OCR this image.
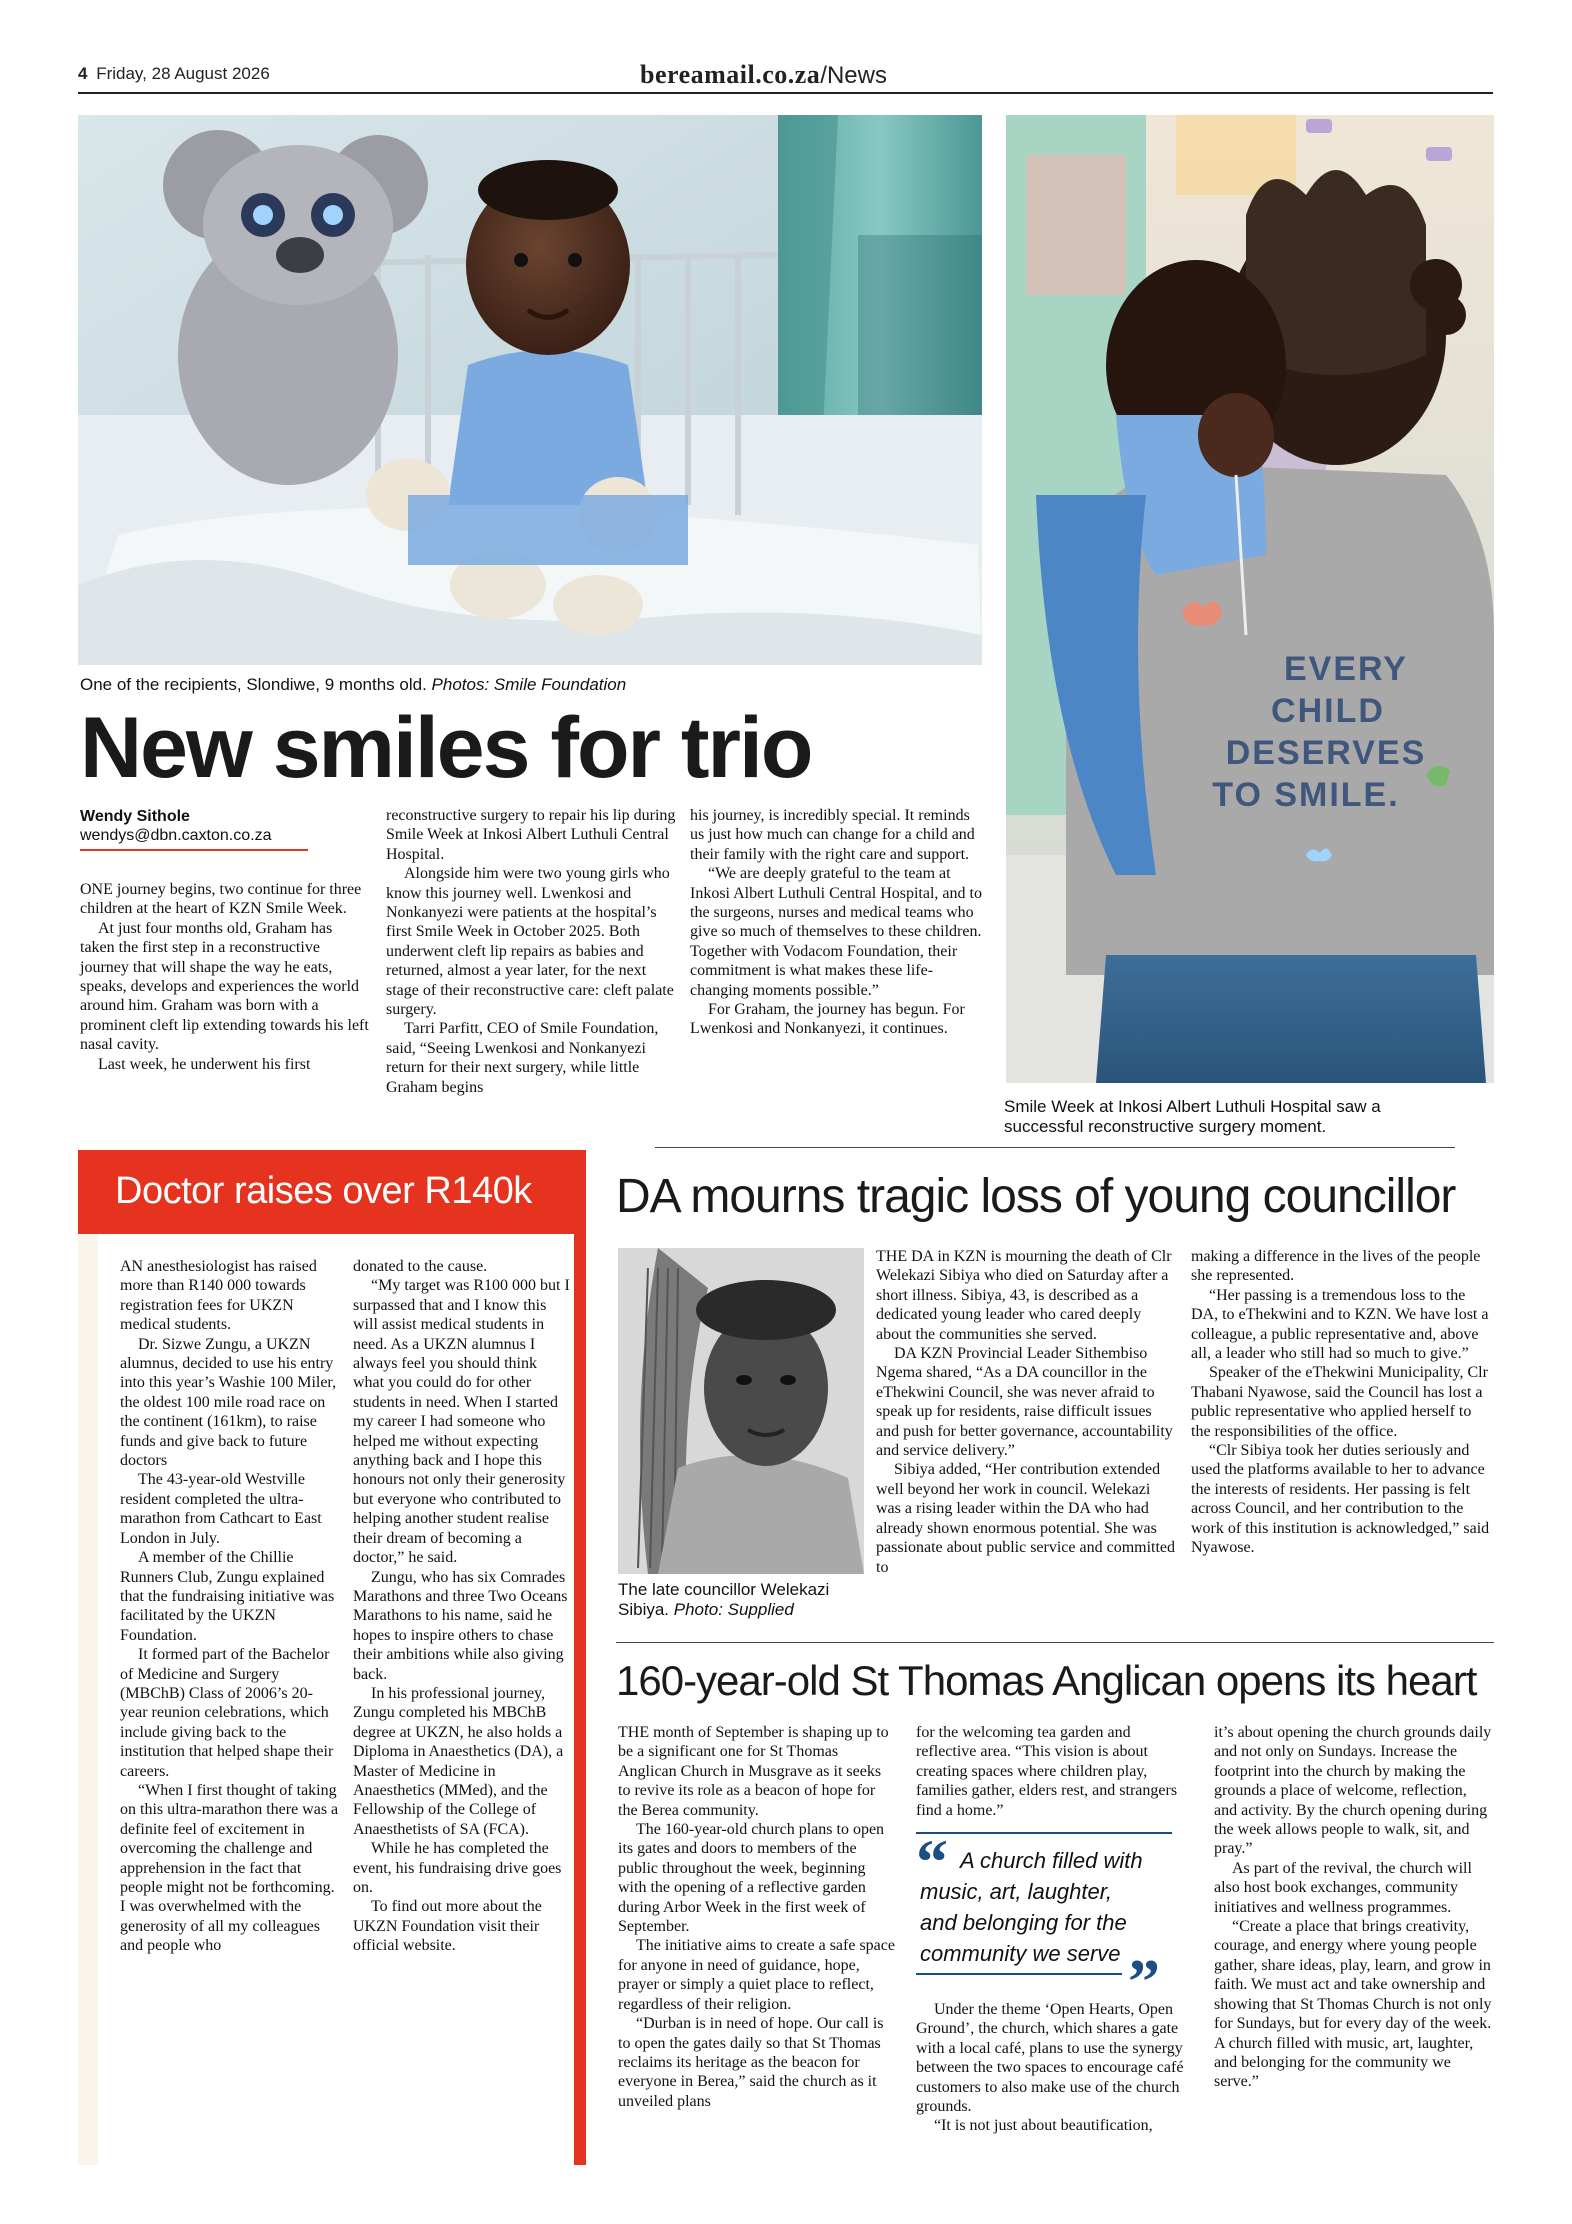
4 Friday, 28 August 2026	bereamail.co.za/News
One of the recipients, Slondiwe, 9 months old. Photos: Smile Foundation	EVERY
CHILD
DESERVES
TO SMILE.
Smile Week at Inkosi Albert Luthuli Hospital saw a
successful reconstructive surgery moment.
New smiles for trio
Wendy Sithole
wendys@dbn.caxton.co.za

ONE journey begins, two continue for three children at the heart of KZN Smile Week.

At just four months old, Graham has taken the first step in a reconstructive journey that will shape the way he eats, speaks, develops and experiences the world around him. Graham was born with a prominent cleft lip extending towards his left nasal cavity.

Last week, he underwent his first

reconstructive surgery to repair his lip during Smile Week at Inkosi Albert Luthuli Central Hospital.

Alongside him were two young girls who know this journey well. Lwenkosi and Nonkanyezi were patients at the hospital’s first Smile Week in October 2025. Both underwent cleft lip repairs as babies and returned, almost a year later, for the next stage of their reconstructive care: cleft palate surgery.

Tarri Parfitt, CEO of Smile Foundation, said, “Seeing Lwenkosi and Nonkanyezi return for their next surgery, while little Graham begins

his journey, is incredibly special. It reminds us just how much can change for a child and their family with the right care and support.

“We are deeply grateful to the team at Inkosi Albert Luthuli Central Hospital, and to the surgeons, nurses and medical teams who give so much of themselves to these children. Together with Vodacom Foundation, their commitment is what makes these life-changing moments possible.”

For Graham, the journey has begun. For Lwenkosi and Nonkanyezi, it continues.

Doctor raises over R140k

AN anesthesiologist has raised more than R140 000 towards registration fees for UKZN medical students.

Dr. Sizwe Zungu, a UKZN alumnus, decided to use his entry into this year’s Washie 100 Miler, the oldest 100 mile road race on the continent (161km), to raise funds and give back to future doctors

The 43-year-old Westville resident completed the ultra-marathon from Cathcart to East London in July.

A member of the Chillie Runners Club, Zungu explained that the fundraising initiative was facilitated by the UKZN Foundation.

It formed part of the Bachelor of Medicine and Surgery (MBChB) Class of 2006’s 20-year reunion celebrations, which include giving back to the institution that helped shape their careers.

“When I first thought of taking on this ultra-marathon there was a definite feel of excitement in overcoming the challenge and apprehension in the fact that people might not be forthcoming. I was overwhelmed with the generosity of all my colleagues and people who

donated to the cause.

“My target was R100 000 but I surpassed that and I know this will assist medical students in need. As a UKZN alumnus I always feel you should think what you could do for other students in need. When I started my career I had someone who helped me without expecting anything back and I hope this honours not only their generosity but everyone who contributed to helping another student realise their dream of becoming a doctor,” he said.

Zungu, who has six Comrades Marathons and three Two Oceans Marathons to his name, said he hopes to inspire others to chase their ambitions while also giving back.

In his professional journey, Zungu completed his MBChB degree at UKZN, he also holds a Diploma in Anaesthetics (DA), a Master of Medicine in Anaesthetics (MMed), and the Fellowship of the College of Anaesthetists of SA (FCA).

While he has completed the event, his fundraising drive goes on.

To find out more about the UKZN Foundation visit their official website.

DA mourns tragic loss of young councillor
The late councillor Welekazi Sibiya. Photo: Supplied

THE DA in KZN is mourning the death of Clr Welekazi Sibiya who died on Saturday after a short illness. Sibiya, 43, is described as a dedicated young leader who cared deeply about the communities she served.

DA KZN Provincial Leader Sithembiso Ngema shared, “As a DA councillor in the eThekwini Council, she was never afraid to speak up for residents, raise difficult issues and push for better governance, accountability and service delivery.”

Sibiya added, “Her contribution extended well beyond her work in council. Welekazi was a rising leader within the DA who had already shown enormous potential. She was passionate about public service and committed to

making a difference in the lives of the people she represented.

“Her passing is a tremendous loss to the DA, to eThekwini and to KZN. We have lost a colleague, a public representative and, above all, a leader who still had so much to give.”

Speaker of the eThekwini Municipality, Clr Thabani Nyawose, said the Council has lost a public representative who applied herself to the responsibilities of the office.

“Clr Sibiya took her duties seriously and used the platforms available to her to advance the interests of residents. Her passing is felt across Council, and her contribution to the work of this institution is acknowledged,” said Nyawose.

160-year-old St Thomas Anglican opens its heart

THE month of September is shaping up to be a significant one for St Thomas Anglican Church in Musgrave as it seeks to revive its role as a beacon of hope for the Berea community.

The 160-year-old church plans to open its gates and doors to members of the public throughout the week, beginning with the opening of a reflective garden during Arbor Week in the first week of September.

The initiative aims to create a safe space for anyone in need of guidance, hope, prayer or simply a quiet place to reflect, regardless of their religion.

“Durban is in need of hope. Our call is to open the gates daily so that St Thomas reclaims its heritage as the beacon for everyone in Berea,” said the church as it unveiled plans

for the welcoming tea garden and reflective area. “This vision is about creating spaces where children play, families gather, elders rest, and strangers find a home.”

“ A church filled with
music, art, laughter,
and belonging for the
community we serve ”

Under the theme ‘Open Hearts, Open Ground’, the church, which shares a gate with a local café, plans to use the synergy between the two spaces to encourage café customers to also make use of the church grounds.

“It is not just about beautification,

it’s about opening the church grounds daily and not only on Sundays. Increase the footprint into the church by making the grounds a place of welcome, reflection, and activity. By the church opening during the week allows people to walk, sit, and pray.”

As part of the revival, the church will also host book exchanges, community initiatives and wellness programmes.

“Create a place that brings creativity, courage, and energy where young people gather, share ideas, play, learn, and grow in faith. We must act and take ownership and showing that St Thomas Church is not only for Sundays, but for every day of the week. A church filled with music, art, laughter, and belonging for the community we serve.”
